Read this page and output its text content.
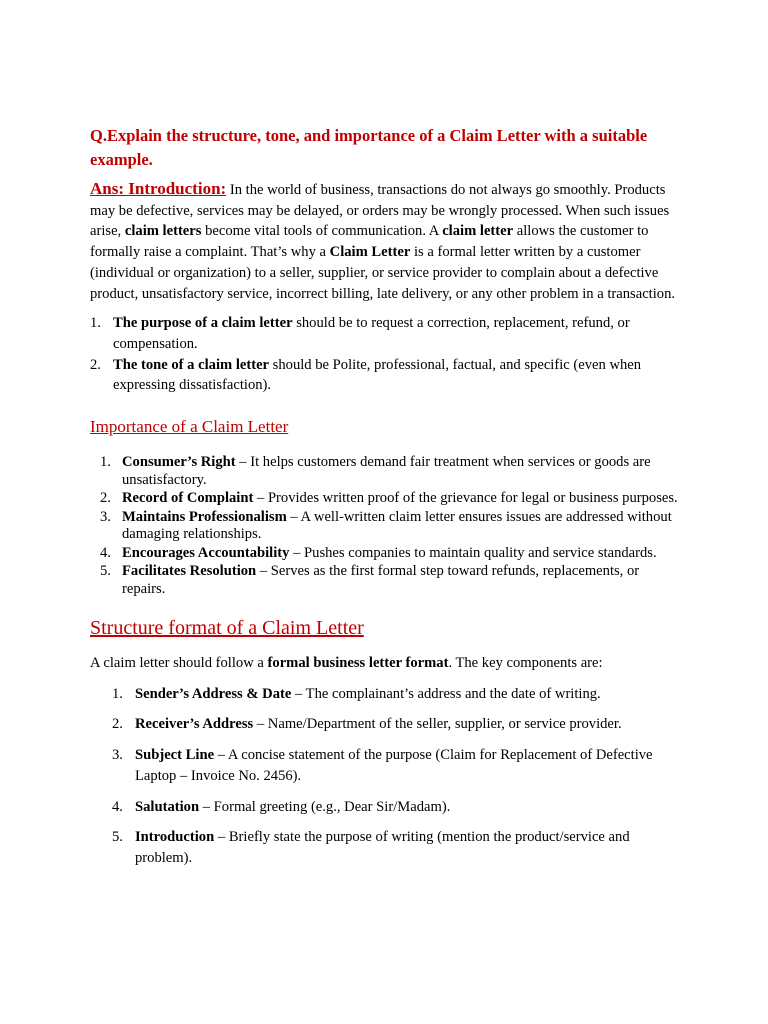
Q.Explain the structure, tone, and importance of a Claim Letter with a suitable example.

Ans: Introduction: In the world of business, transactions do not always go smoothly. Products may be defective, services may be delayed, or orders may be wrongly processed. When such issues arise, claim letters become vital tools of communication. A claim letter allows the customer to formally raise a complaint. That’s why a Claim Letter is a formal letter written by a customer (individual or organization) to a seller, supplier, or service provider to complain about a defective product, unsatisfactory service, incorrect billing, late delivery, or any other problem in a transaction.

1. The purpose of a claim letter should be to request a correction, replacement, refund, or compensation.
2. The tone of a claim letter should be Polite, professional, factual, and specific (even when expressing dissatisfaction).
Importance of a Claim Letter
1. Consumer’s Right – It helps customers demand fair treatment when services or goods are unsatisfactory.
2. Record of Complaint – Provides written proof of the grievance for legal or business purposes.
3. Maintains Professionalism – A well-written claim letter ensures issues are addressed without damaging relationships.
4. Encourages Accountability – Pushes companies to maintain quality and service standards.
5. Facilitates Resolution – Serves as the first formal step toward refunds, replacements, or repairs.
Structure format of a Claim Letter

A claim letter should follow a formal business letter format. The key components are:

1. Sender’s Address & Date – The complainant’s address and the date of writing.
2. Receiver’s Address – Name/Department of the seller, supplier, or service provider.
3. Subject Line – A concise statement of the purpose (Claim for Replacement of Defective Laptop – Invoice No. 2456).
4. Salutation – Formal greeting (e.g., Dear Sir/Madam).
5. Introduction – Briefly state the purpose of writing (mention the product/service and problem).
